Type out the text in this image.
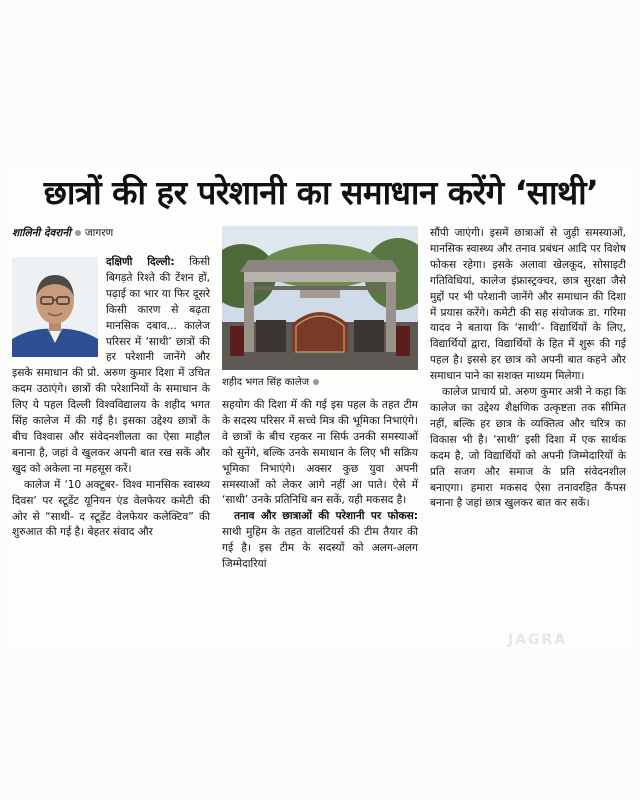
छात्रों की हर परेशानी का समाधान करेंगे ‘साथी’
शालिनी देवरानी जागरण

दक्षिणी दिल्ली: किसी बिगड़ते रिश्ते की टेंशन हों, पढ़ाई का भार या फिर दूसरे किसी कारण से बढ़ता मानसिक दबाव... कालेज परिसर में ‘साथी’ छात्रों की हर परेशानी जानेंगे और इसके समाधान की प्रो. अरुण कुमार दिशा में उचित कदम उठाएंगे। छात्रों की परेशानियों के समाधान के लिए ये पहल दिल्ली विश्वविद्यालय के शहीद भगत सिंह कालेज में की गई है। इसका उद्देश्य छात्रों के बीच विश्वास और संवेदनशीलता का ऐसा माहौल बनाना है, जहां वे खुलकर अपनी बात रख सकें और खुद को अकेला ना महसूस करें।

कालेज में ‘10 अक्टूबर- विश्व मानसिक स्वास्थ्य दिवस’ पर स्टूडेंट यूनियन एंड वेलफेयर कमेटी की ओर से “साथी- द स्टूडेंट वेलफेयर कलेक्टिव” की शुरुआत की गई है। बेहतर संवाद और

शहीद भगत सिंह कालेज

सहयोग की दिशा में की गई इस पहल के तहत टीम के सदस्य परिसर में सच्चे मित्र की भूमिका निभाएंगे। वे छात्रों के बीच रहकर ना सिर्फ उनकी समस्याओं को सुनेंगे, बल्कि उनके समाधान के लिए भी सक्रिय भूमिका निभाएंगे। अक्सर कुछ युवा अपनी समस्याओं को लेकर आगे नहीं आ पाते। ऐसे में ‘साथी’ उनके प्रतिनिधि बन सकें, यही मकसद है।

तनाव और छात्राओं की परेशानी पर फोकस: साथी मुहिम के तहत वालंटियर्स की टीम तैयार की गई है। इस टीम के सदस्यों को अलग-अलग जिम्मेदारियां

सौंपी जाएंगी। इसमें छात्राओं से जुड़ी समस्याओं, मानसिक स्वास्थ्य और तनाव प्रबंधन आदि पर विशेष फोकस रहेगा। इसके अलावा खेलकूद, सोसाइटी गतिविधियां, कालेज इंफ्रास्ट्रक्चर, छात्र सुरक्षा जैसे मुद्दों पर भी परेशानी जानेंगे और समाधान की दिशा में प्रयास करेंगे। कमेटी की सह संयोजक डा. गरिमा यादव ने बताया कि ‘साथी’- विद्यार्थियों के लिए, विद्यार्थियों द्वारा, विद्यार्थियों के हित में शुरू की गई पहल है। इससे हर छात्र को अपनी बात कहने और समाधान पाने का सशक्त माध्यम मिलेगा।

कालेज प्राचार्य प्रो. अरुण कुमार अत्री ने कहा कि कालेज का उद्देश्य शैक्षणिक उत्कृष्टता तक सीमित नहीं, बल्कि हर छात्र के व्यक्तित्व और चरित्र का विकास भी है। ‘साथी’ इसी दिशा में एक सार्थक कदम है, जो विद्यार्थियों को अपनी जिम्मेदारियों के प्रति सजग और समाज के प्रति संवेदनशील बनाएगा। हमारा मकसद ऐसा तनावरहित कैंपस बनाना है जहां छात्र खुलकर बात कर सकें।

JAGRA
